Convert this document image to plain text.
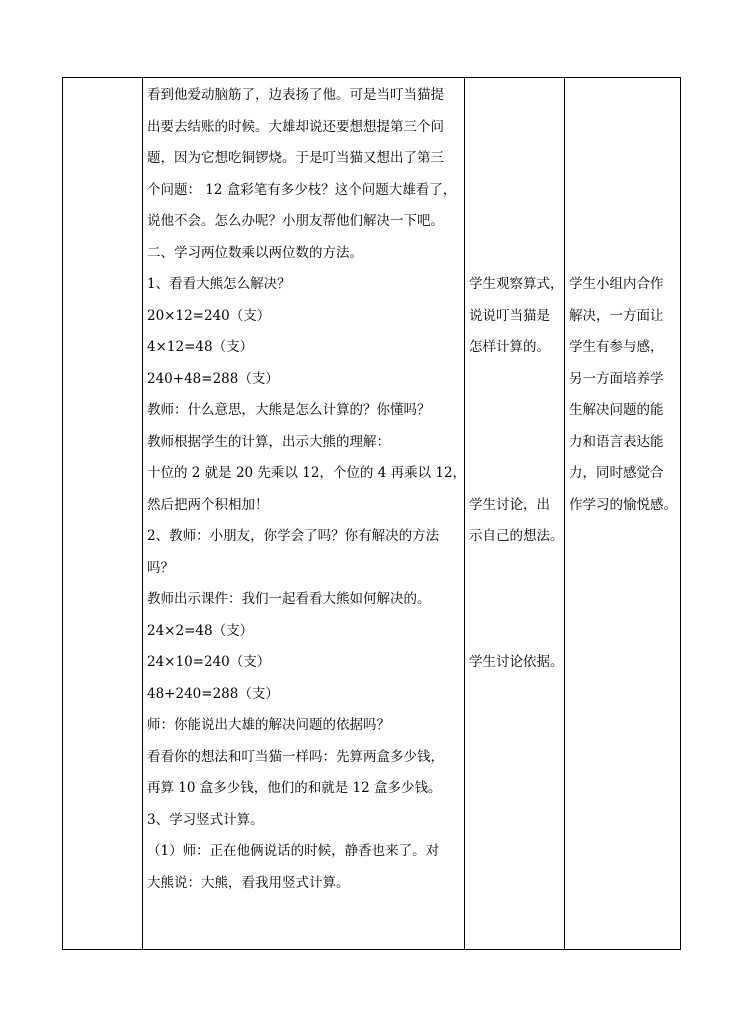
看到他爱动脑筋了，边表扬了他。可是当叮当猫提
出要去结账的时候。大雄却说还要想想提第三个问
题，因为它想吃铜锣烧。于是叮当猫又想出了第三
个问题： 12 盒彩笔有多少枝？这个问题大雄看了，
说他不会。怎么办呢？小朋友帮他们解决一下吧。
二、学习两位数乘以两位数的方法。
1、看看大熊怎么解决？
20×12=240（支）
4×12=48（支）
240+48=288（支）
教师：什么意思，大熊是怎么计算的？你懂吗？
教师根据学生的计算，出示大熊的理解：
十位的 2 就是 20 先乘以 12，个位的 4 再乘以 12，
然后把两个积相加！
2、教师：小朋友，你学会了吗？你有解决的方法
吗？
教师出示课件：我们一起看看大熊如何解决的。
24×2=48（支）
24×10=240（支）
48+240=288（支）
师：你能说出大雄的解决问题的依据吗？
看看你的想法和叮当猫一样吗：先算两盒多少钱，
再算 10 盒多少钱，他们的和就是 12 盒多少钱。
3、学习竖式计算。
（1）师：正在他俩说话的时候，静香也来了。对
大熊说：大熊，看我用竖式计算。
学生观察算式，
说说叮当猫是
怎样计算的。
学生讨论，出
示自己的想法。
学生讨论依据。
学生小组内合作
解决，一方面让
学生有参与感，
另一方面培养学
生解决问题的能
力和语言表达能
力，同时感觉合
作学习的愉悦感。
